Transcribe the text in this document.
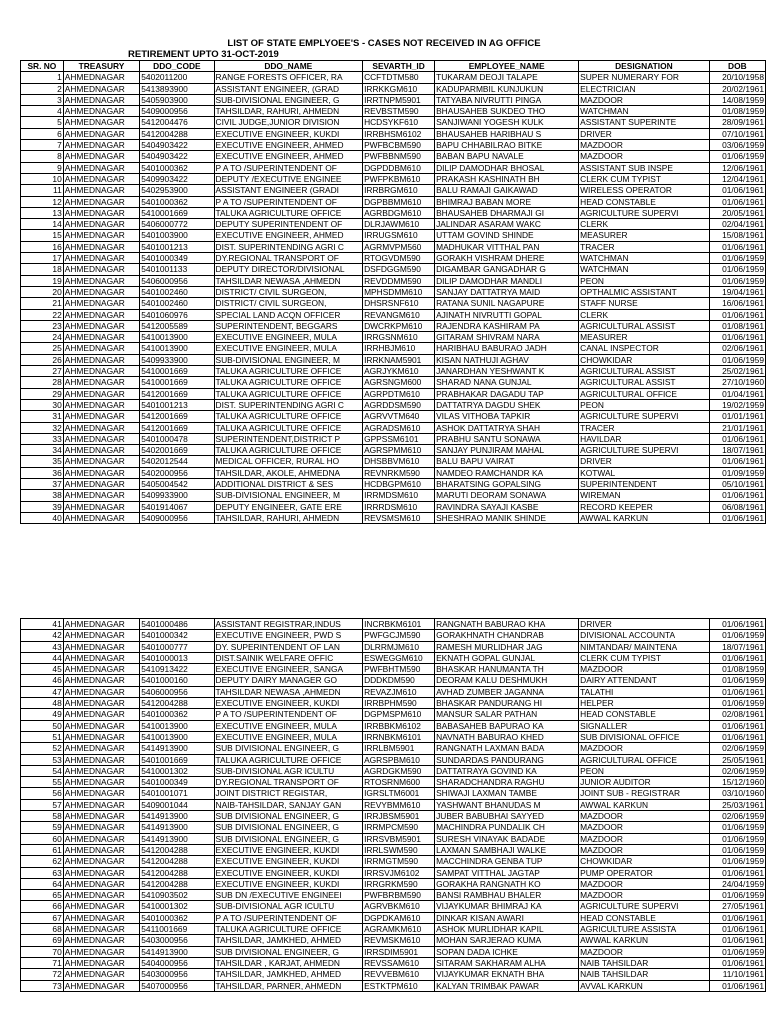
LIST OF STATE EMPLYOEE'S - CASES NOT RECEIVED IN AG OFFICE
RETIREMENT UPTO 31-OCT-2019
SR. NO	TREASURY	DDO_CODE	DDO_NAME	SEVARTH_ID	EMPLOYEE_NAME	DESIGNATION	DOB
1	AHMEDNAGAR	5402011200	RANGE FORESTS OFFICER, RA	CCFTDTM580	TUKARAM DEOJI TALAPE	SUPER NUMERARY FOR	20/10/1958
2	AHMEDNAGAR	5413893900	ASSISTANT ENGINEER, (GRAD	IRRKKGM610	KADUPARMBIL KUNJUKUN	ELECTRICIAN	20/02/1961
3	AHMEDNAGAR	5405903900	SUB-DIVISIONAL ENGINEER, G	IRRTNPM5901	TATYABA NIVRUTTI PINGA	MAZDOOR	14/08/1959
4	AHMEDNAGAR	5409000956	TAHSILDAR, RAHURI, AHMEDN	REVBSTM590	BHAUSAHEB SUKDEO THO	WATCHMAN	01/08/1959
5	AHMEDNAGAR	5412004476	CIVIL JUDGE,JUNIOR DIVISION	HCDSYKF610	SANJIWANI YOGESH KULK	ASSISTANT SUPERINTE	28/09/1961
6	AHMEDNAGAR	5412004288	EXECUTIVE ENGINEER, KUKDI	IRRBHSM6102	BHAUSAHEB HARIBHAU S	DRIVER	07/10/1961
7	AHMEDNAGAR	5404903422	EXECUTIVE ENGINEER, AHMED	PWFBCBM590	BAPU CHHABILRAO BITKE	MAZDOOR	03/06/1959
8	AHMEDNAGAR	5404903422	EXECUTIVE ENGINEER, AHMED	PWFBBNM590	BABAN BAPU NAVALE	MAZDOOR	01/06/1959
9	AHMEDNAGAR	5401000362	P A TO /SUPERINTENDENT OF	DGPDDBM610	DILIP DAMODHAR BHOSAL	ASSISTANT SUB INSPE	12/06/1961
10	AHMEDNAGAR	5409903422	DEPUTY /EXECUTIVE ENGINEE	PWFPKBM610	PRAKASH KASHINATH BH	CLERK CUM TYPIST	12/04/1961
11	AHMEDNAGAR	5402953900	ASSISTANT ENGINEER (GRADI	IRRBRGM610	BALU RAMAJI GAIKAWAD	WIRELESS OPERATOR	01/06/1961
12	AHMEDNAGAR	5401000362	P A TO /SUPERINTENDENT OF	DGPBBMM610	BHIMRAJ BABAN MORE	HEAD CONSTABLE	01/06/1961
13	AHMEDNAGAR	5410001669	TALUKA AGRICULTURE OFFICE	AGRBDGM610	BHAUSAHEB DHARMAJI GI	AGRICULTURE SUPERVI	20/05/1961
14	AHMEDNAGAR	5406000772	DEPUTY SUPERINTENDENT OF	DLRJAWM610	JALINDAR ASARAM WAKC	CLERK	02/04/1961
15	AHMEDNAGAR	5401003900	EXECUTIVE ENGINEER, AHMED	IRRUGSM610	UTTAM GOVIND SHINDE	MEASURER	15/08/1961
16	AHMEDNAGAR	5401001213	DIST. SUPERINTENDING AGRI C	AGRMVPM560	MADHUKAR VITTHAL PAN	TRACER	01/06/1961
17	AHMEDNAGAR	5401000349	DY.REGIONAL TRANSPORT OF	RTOGVDM590	GORAKH VISHRAM DHERE	WATCHMAN	01/06/1959
18	AHMEDNAGAR	5401001133	DEPUTY DIRECTOR/DIVISIONAL	DSFDGGM590	DIGAMBAR GANGADHAR G	WATCHMAN	01/06/1959
19	AHMEDNAGAR	5406000956	TAHSILDAR NEWASA ,AHMEDN	REVDDMM590	DILIP DAMODHAR MANDLI	PEON	01/06/1959
20	AHMEDNAGAR	5401002460	DISTRICT/ CIVIL SURGEON,	MPHSDMM610	SANJAY DATTATRYA MAID	OPTHALMIC ASSISTANT	19/04/1961
21	AHMEDNAGAR	5401002460	DISTRICT/ CIVIL SURGEON,	DHSRSNF610	RATANA SUNIL NAGAPURE	STAFF NURSE	16/06/1961
22	AHMEDNAGAR	5401060976	SPECIAL LAND ACQN OFFICER	REVANGM610	AJINATH NIVRUTTI GOPAL	CLERK	01/06/1961
23	AHMEDNAGAR	5412005589	SUPERINTENDENT, BEGGARS	DWCRKPM610	RAJENDRA KASHIRAM PA	AGRICULTURAL ASSIST	01/08/1961
24	AHMEDNAGAR	5410013900	EXECUTIVE ENGINEER, MULA	IRRGSNM610	GITARAM SHIVRAM NARA	MEASURER	01/06/1961
25	AHMEDNAGAR	5410013900	EXECUTIVE ENGINEER, MULA	IRRHBJM610	HARIBHAU BABURAO JADH	CANAL INSPECTOR	02/06/1961
26	AHMEDNAGAR	5409933900	SUB-DIVISIONAL ENGINEER, M	IRRKNAM5901	KISAN NATHUJI AGHAV	CHOWKIDAR	01/06/1959
27	AHMEDNAGAR	5410001669	TALUKA AGRICULTURE OFFICE	AGRJYKM610	JANARDHAN YESHWANT K	AGRICULTURAL ASSIST	25/02/1961
28	AHMEDNAGAR	5410001669	TALUKA AGRICULTURE OFFICE	AGRSNGM600	SHARAD NANA GUNJAL	AGRICULTURAL ASSIST	27/10/1960
29	AHMEDNAGAR	5412001669	TALUKA AGRICULTURE OFFICE	AGRPDTM610	PRABHAKAR DAGADU TAP	AGRICULTURAL OFFICE	01/04/1961
30	AHMEDNAGAR	5401001213	DIST. SUPERINTENDING AGRI C	AGRDDSM590	DATTATRYA DAGDU SHEK	PEON	19/02/1959
31	AHMEDNAGAR	5412001669	TALUKA AGRICULTURE OFFICE	AGRVVTM640	VILAS VITHOBA TAPKIR	AGRICULTURE SUPERVI	01/01/1961
32	AHMEDNAGAR	5412001669	TALUKA AGRICULTURE OFFICE	AGRADSM610	ASHOK DATTATRYA SHAH	TRACER	21/01/1961
33	AHMEDNAGAR	5401000478	SUPERINTENDENT,DISTRICT P	GPPSSM6101	PRABHU SANTU SONAWA	HAVILDAR	01/06/1961
34	AHMEDNAGAR	5402001669	TALUKA AGRICULTURE OFFICE	AGRSPMM610	SANJAY PUNJIRAM MAHAL	AGRICULTURE SUPERVI	18/07/1961
35	AHMEDNAGAR	5402012544	MEDICAL OFFICER, RURAL HO	DHSBBVM610	BALU BAPU VAIRAT	DRIVER	01/06/1961
36	AHMEDNAGAR	5402000956	TAHSILDAR, AKOLE, AHMEDNA	REVNRKM590	NAMDEO RAMCHANDR KA	KOTWAL	01/09/1959
37	AHMEDNAGAR	5405004542	ADDITIONAL DISTRICT & SES	HCDBGPM610	BHARATSING GOPALSING	SUPERINTENDENT	05/10/1961
38	AHMEDNAGAR	5409933900	SUB-DIVISIONAL ENGINEER, M	IRRMDSM610	MARUTI DEORAM SONAWA	WIREMAN	01/06/1961
39	AHMEDNAGAR	5401914067	DEPUTY ENGINEER, GATE ERE	IRRRDSM610	RAVINDRA SAYAJI KASBE	RECORD KEEPER	06/08/1961
40	AHMEDNAGAR	5409000956	TAHSILDAR, RAHURI, AHMEDN	REVSMSM610	SHESHRAO MANIK SHINDE	AWWAL KARKUN	01/06/1961
41	AHMEDNAGAR	5401000486	ASSISTANT REGISTRAR,INDUS	INCRBKM6101	RANGNATH BABURAO KHA	DRIVER	01/06/1961
42	AHMEDNAGAR	5401000342	EXECUTIVE ENGINEER, PWD S	PWFGCJM590	GORAKHNATH CHANDRAB	DIVISIONAL ACCOUNTA	01/06/1959
43	AHMEDNAGAR	5401000777	DY. SUPERINTENDENT OF LAN	DLRRMJM610	RAMESH MURLIDHAR JAG	NIMTANDAR/ MAINTENA	18/07/1961
44	AHMEDNAGAR	5401000013	DIST.SAINIK WELFARE OFFIC	ESWEGGM610	EKNATH GOPAL GUNJAL	CLERK CUM TYPIST	01/06/1961
45	AHMEDNAGAR	5410913422	EXECUTIVE ENGINEER, SANGA	PWFBHTM590	BHASKAR HANUMANTA TH	MAZDOOR	01/08/1959
46	AHMEDNAGAR	5401000160	DEPUTY DAIRY MANAGER GO	DDDKDM590	DEORAM KALU DESHMUKH	DAIRY ATTENDANT	01/06/1959
47	AHMEDNAGAR	5406000956	TAHSILDAR NEWASA ,AHMEDN	REVAZJM610	AVHAD ZUMBER JAGANNA	TALATHI	01/06/1961
48	AHMEDNAGAR	5412004288	EXECUTIVE ENGINEER, KUKDI	IRRBPHM590	BHASKAR PANDURANG HI	HELPER	01/06/1959
49	AHMEDNAGAR	5401000362	P A TO /SUPERINTENDENT OF	DGPMSPM610	MANSUR SALAR PATHAN	HEAD CONSTABLE	02/08/1961
50	AHMEDNAGAR	5410013900	EXECUTIVE ENGINEER, MULA	IRRBBKM6102	BABASAHEB BAPURAO KA	SIGNALLER	01/06/1961
51	AHMEDNAGAR	5410013900	EXECUTIVE ENGINEER, MULA	IRRNBKM6101	NAVNATH BABURAO KHED	SUB DIVISIONAL OFFICE	01/06/1961
52	AHMEDNAGAR	5414913900	SUB DIVISIONAL ENGINEER, G	IRRLBM5901	RANGNATH LAXMAN BADA	MAZDOOR	02/06/1959
53	AHMEDNAGAR	5401001669	TALUKA AGRICULTURE OFFICE	AGRSPBM610	SUNDARDAS PANDURANG	AGRICULTURAL OFFICE	25/05/1961
54	AHMEDNAGAR	5410001302	SUB-DIVISIONAL AGR ICULTU	AGRDGKM590	DATTATRAYA GOVIND KA	PEON	02/06/1959
55	AHMEDNAGAR	5401000349	DY.REGIONAL TRANSPORT OF	RTOSRNM600	SHARADCHANDRA RAGHU	JUNIOR AUDITOR	15/12/1960
56	AHMEDNAGAR	5401001071	JOINT DISTRICT REGISTAR,	IGRSLTM6001	SHIWAJI LAXMAN TAMBE	JOINT SUB - REGISTRAR	03/10/1960
57	AHMEDNAGAR	5409001044	NAIB-TAHSILDAR, SANJAY GAN	REVYBMM610	YASHWANT BHANUDAS M	AWWAL KARKUN	25/03/1961
58	AHMEDNAGAR	5414913900	SUB DIVISIONAL ENGINEER, G	IRRJBSM5901	JUBER BABUBHAI SAYYED	MAZDOOR	02/06/1959
59	AHMEDNAGAR	5414913900	SUB DIVISIONAL ENGINEER, G	IRRMPCM590	MACHINDRA PUNDALIK CH	MAZDOOR	01/06/1959
60	AHMEDNAGAR	5414913900	SUB DIVISIONAL ENGINEER, G	IRRSVBM5901	SURESH VINAYAK BADADE	MAZDOOR	01/06/1959
61	AHMEDNAGAR	5412004288	EXECUTIVE ENGINEER, KUKDI	IRRLSWM590	LAXMAN SAMBHAJI WALKE	MAZDOOR	01/06/1959
62	AHMEDNAGAR	5412004288	EXECUTIVE ENGINEER, KUKDI	IRRMGTM590	MACCHINDRA GENBA TUP	CHOWKIDAR	01/06/1959
63	AHMEDNAGAR	5412004288	EXECUTIVE ENGINEER, KUKDI	IRRSVJM6102	SAMPAT VITTHAL JAGTAP	PUMP OPERATOR	01/06/1961
64	AHMEDNAGAR	5412004288	EXECUTIVE ENGINEER, KUKDI	IRRGRKM590	GORAKHA RANGNATH KO	MAZDOOR	24/04/1959
65	AHMEDNAGAR	5410903502	SUB DN /EXECUTIVE ENGINEEI	PWFBRBM590	BANSI RAMBHAU BHALER	MAZDOOR	01/06/1959
66	AHMEDNAGAR	5410001302	SUB-DIVISIONAL AGR ICULTU	AGRVBKM610	VIJAYKUMAR BHIMRAJ KA	AGRICULTURE SUPERVI	27/05/1961
67	AHMEDNAGAR	5401000362	P A TO /SUPERINTENDENT OF	DGPDKAM610	DINKAR KISAN AWARI	HEAD CONSTABLE	01/06/1961
68	AHMEDNAGAR	5411001669	TALUKA AGRICULTURE OFFICE	AGRAMKM610	ASHOK MURLIDHAR KAPIL	AGRICULTURE ASSISTA	01/06/1961
69	AHMEDNAGAR	5403000956	TAHSILDAR, JAMKHED, AHMED	REVMSKM610	MOHAN SARJERAO KUMA	AWWAL KARKUN	01/06/1961
70	AHMEDNAGAR	5414913900	SUB DIVISIONAL ENGINEER, G	IRRSDIM5901	SOPAN DADA ICHKE	MAZDOOR	01/06/1959
71	AHMEDNAGAR	5404000956	TAHSILDAR , KARJAT, AHMEDN	REVSSAM610	SITARAM SAKHARAM ALHA	NAIB TAHSILDAR	01/06/1961
72	AHMEDNAGAR	5403000956	TAHSILDAR, JAMKHED, AHMED	REVVEBM610	VIJAYKUMAR EKNATH BHA	NAIB TAHSILDAR	11/10/1961
73	AHMEDNAGAR	5407000956	TAHSILDAR, PARNER, AHMEDN	ESTKTPM610	KALYAN TRIMBAK PAWAR	AVVAL KARKUN	01/06/1961
